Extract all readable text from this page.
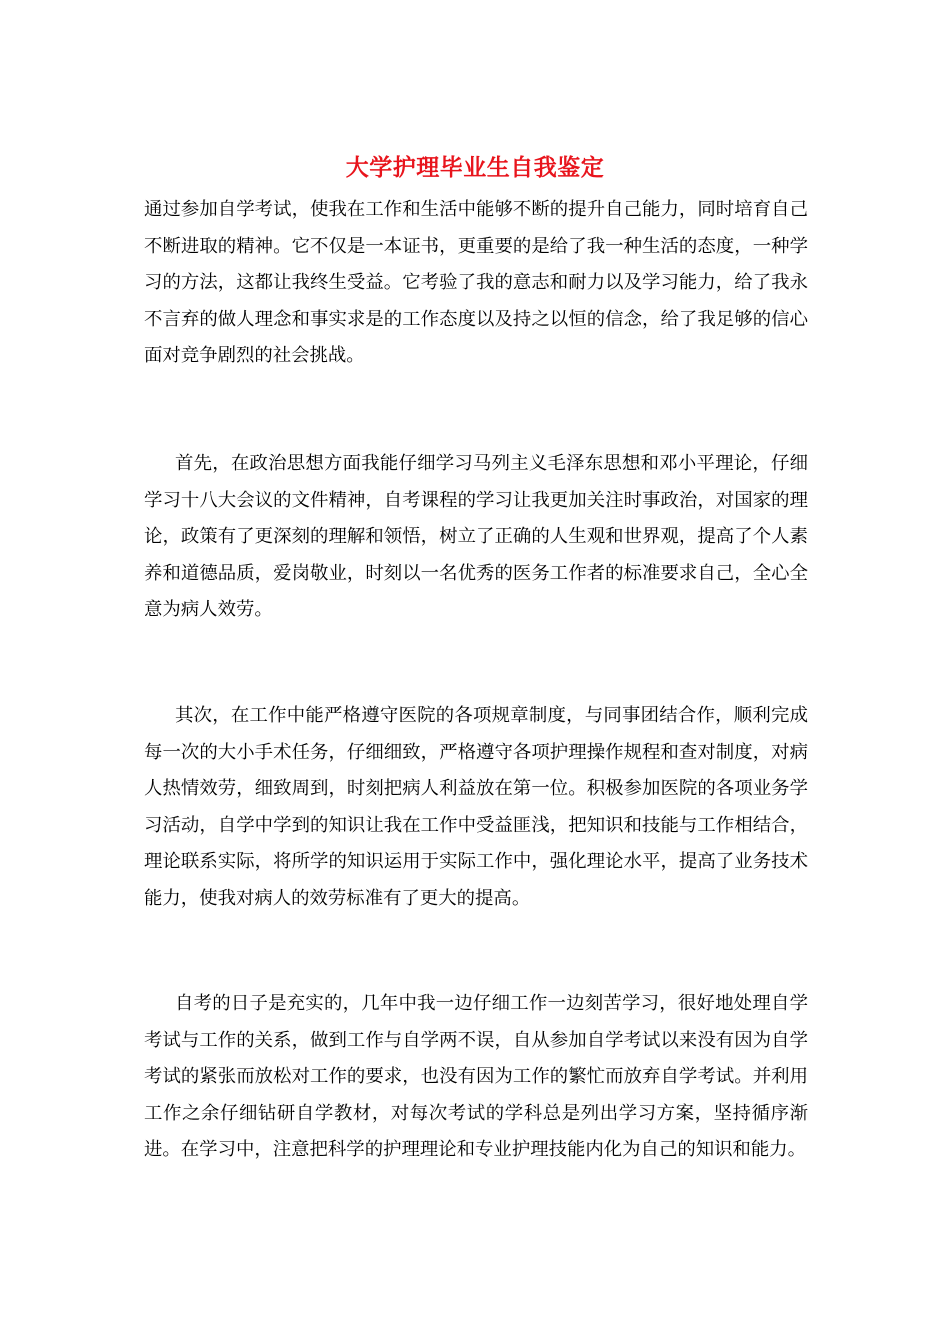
大学护理毕业生自我鉴定

通过参加自学考试，使我在工作和生活中能够不断的提升自己能力，同时培育自己不断进取的精神。它不仅是一本证书，更重要的是给了我一种生活的态度，一种学习的方法，这都让我终生受益。它考验了我的意志和耐力以及学习能力，给了我永不言弃的做人理念和事实求是的工作态度以及持之以恒的信念，给了我足够的信心面对竞争剧烈的社会挑战。

首先，在政治思想方面我能仔细学习马列主义毛泽东思想和邓小平理论，仔细学习十八大会议的文件精神，自考课程的学习让我更加关注时事政治，对国家的理论，政策有了更深刻的理解和领悟，树立了正确的人生观和世界观，提高了个人素养和道德品质，爱岗敬业，时刻以一名优秀的医务工作者的标准要求自己，全心全意为病人效劳。

其次，在工作中能严格遵守医院的各项规章制度，与同事团结合作，顺利完成每一次的大小手术任务，仔细细致，严格遵守各项护理操作规程和查对制度，对病人热情效劳，细致周到，时刻把病人利益放在第一位。积极参加医院的各项业务学习活动，自学中学到的知识让我在工作中受益匪浅，把知识和技能与工作相结合，理论联系实际，将所学的知识运用于实际工作中，强化理论水平，提高了业务技术能力，使我对病人的效劳标准有了更大的提高。

自考的日子是充实的，几年中我一边仔细工作一边刻苦学习，很好地处理自学考试与工作的关系，做到工作与自学两不误，自从参加自学考试以来没有因为自学考试的紧张而放松对工作的要求，也没有因为工作的繁忙而放弃自学考试。并利用工作之余仔细钻研自学教材，对每次考试的学科总是列出学习方案，坚持循序渐进。在学习中，注意把科学的护理理论和专业护理技能内化为自己的知识和能力。
